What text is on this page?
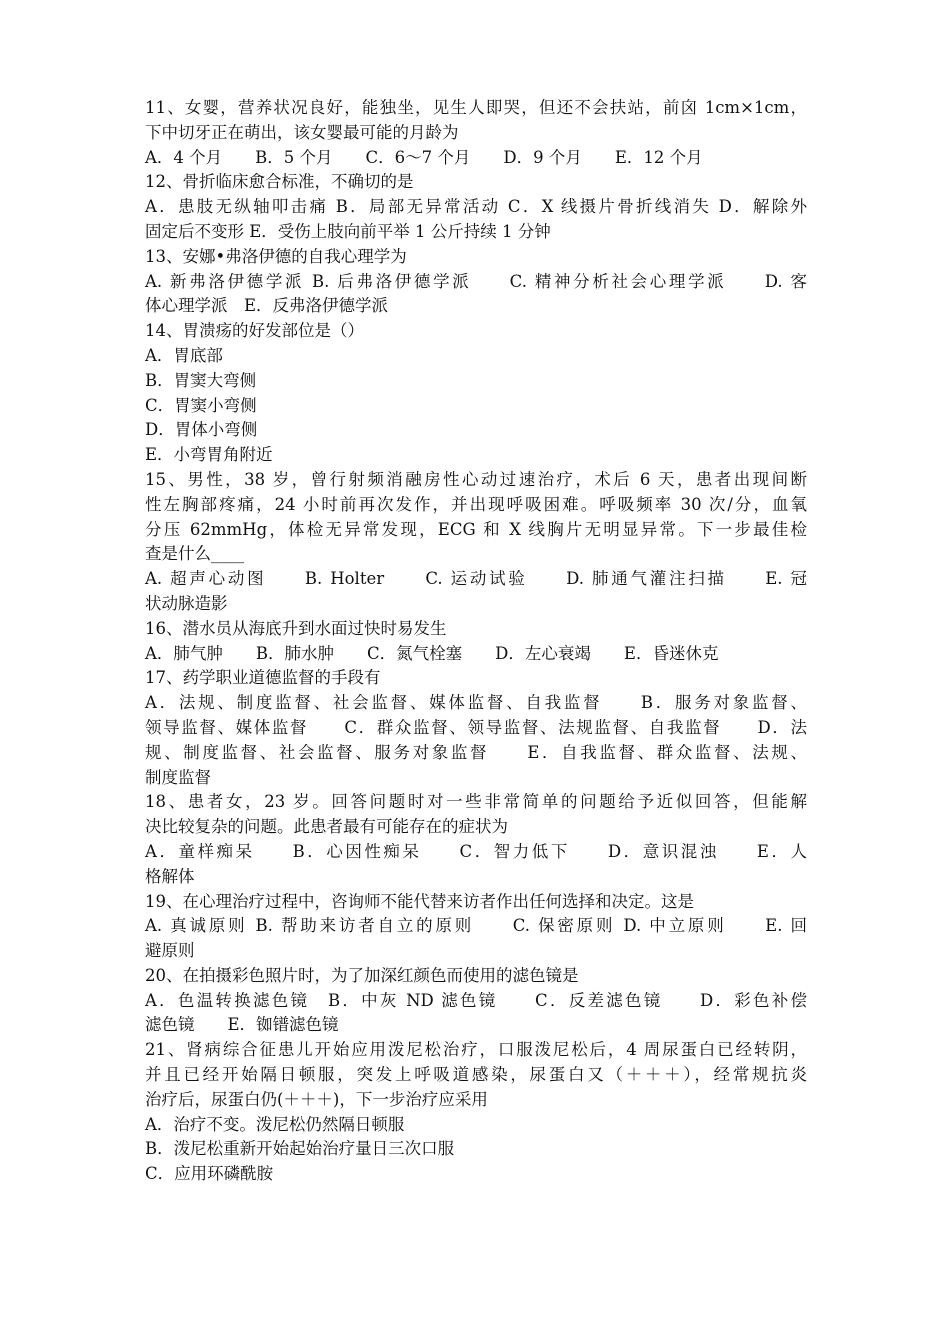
11、女婴，营养状况良好，能独坐，见生人即哭，但还不会扶站，前囟 1cm×1cm，
下中切牙正在萌出，该女婴最可能的月龄为
A．4 个月　　B．5 个月　　C．6～7 个月　　D．9 个月　　E．12 个月
12、骨折临床愈合标准，不确切的是
A．患肢无纵轴叩击痛 B．局部无异常活动 C．X 线摄片骨折线消失 D．解除外
固定后不变形 E．受伤上肢向前平举 1 公斤持续 1 分钟
13、安娜•弗洛伊德的自我心理学为
A. 新弗洛伊德学派 B. 后弗洛伊德学派　　C. 精神分析社会心理学派　　D. 客
体心理学派　E．反弗洛伊德学派
14、胃溃疡的好发部位是（）
A．胃底部
B．胃窦大弯侧
C．胃窦小弯侧
D．胃体小弯侧
E．小弯胃角附近
15、男性，38 岁，曾行射频消融房性心动过速治疗，术后 6 天，患者出现间断
性左胸部疼痛，24 小时前再次发作，并出现呼吸困难。呼吸频率 30 次/分，血氧
分压 62mmHg，体检无异常发现，ECG 和 X 线胸片无明显异常。下一步最佳检
查是什么____
A. 超声心动图　　B. Holter　　C. 运动试验　　D. 肺通气灌注扫描　　E. 冠
状动脉造影
16、潜水员从海底升到水面过快时易发生
A．肺气肿　　B．肺水肿　　C．氮气栓塞　　D．左心衰竭　　E．昏迷休克
17、药学职业道德监督的手段有
A．法规、制度监督、社会监督、媒体监督、自我监督　　B．服务对象监督、
领导监督、媒体监督　　C．群众监督、领导监督、法规监督、自我监督　　D．法
规、制度监督、社会监督、服务对象监督　　E．自我监督、群众监督、法规、
制度监督
18、患者女，23 岁。回答问题时对一些非常简单的问题给予近似回答，但能解
决比较复杂的问题。此患者最有可能存在的症状为
A．童样痴呆　　B．心因性痴呆　　C．智力低下　　D．意识混浊　　E．人
格解体
19、在心理治疗过程中，咨询师不能代替来访者作出任何选择和决定。这是
A. 真诚原则 B. 帮助来访者自立的原则　　C. 保密原则 D. 中立原则　　E. 回
避原则
20、在拍摄彩色照片时，为了加深红颜色而使用的滤色镜是
A．色温转换滤色镜　B．中灰 ND 滤色镜　　C．反差滤色镜　　D．彩色补偿
滤色镜　　E．铷镨滤色镜
21、肾病综合征患儿开始应用泼尼松治疗，口服泼尼松后，4 周尿蛋白已经转阴，
并且已经开始隔日顿服，突发上呼吸道感染，尿蛋白又（＋＋＋），经常规抗炎
治疗后，尿蛋白仍(＋＋＋)，下一步治疗应采用
A．治疗不变。泼尼松仍然隔日顿服
B．泼尼松重新开始起始治疗量日三次口服
C．应用环磷酰胺
